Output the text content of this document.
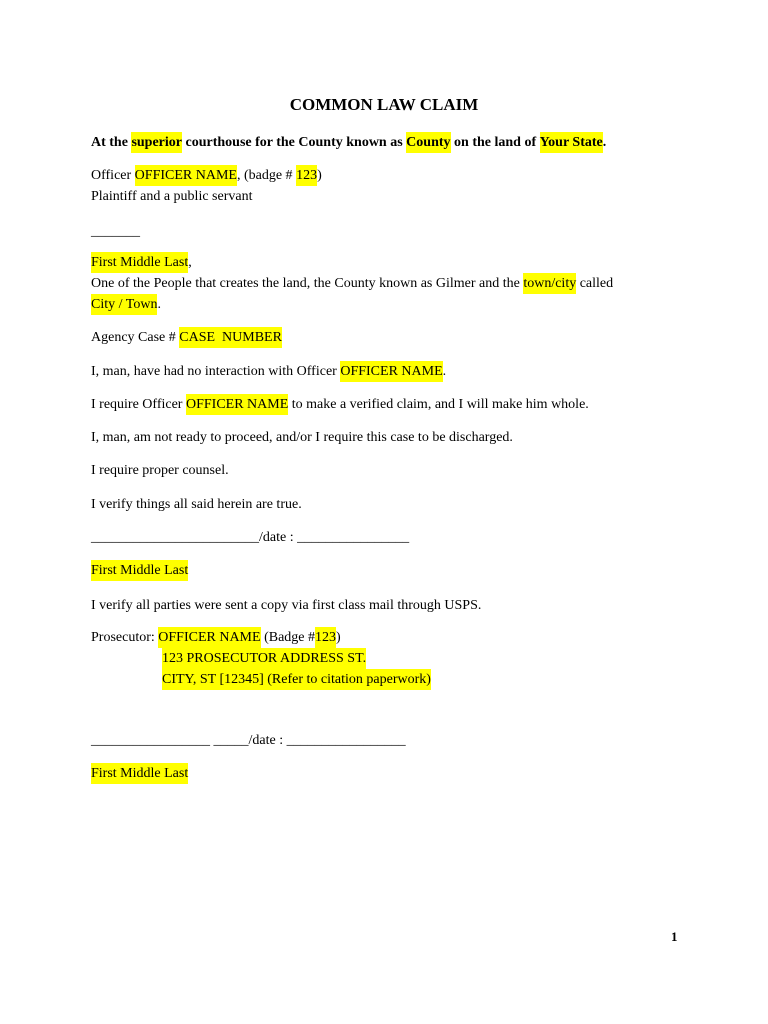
COMMON LAW CLAIM
At the superior courthouse for the County known as County on the land of Your State .
Officer OFFICER NAME , (badge # 123 )
Plaintiff and a public servant
_______
First Middle Last ,
One of the People that creates the land, the County known as Gilmer and the town/city called
City / Town .
Agency Case # CASE  NUMBER
I, man, have had no interaction with Officer OFFICER NAME .
I require Officer OFFICER NAME to make a verified claim, and I will make him whole.
I, man, am not ready to proceed, and/or I require this case to be discharged.
I require proper counsel.
I verify things all said herein are true.
________________________ /date : ________________
First Middle Last
I verify all parties were sent a copy via first class mail through USPS.
Prosecutor: OFFICER NAME (Badge # 123 )
123 PROSECUTOR ADDRESS ST.
CITY, ST [12345] (Refer to citation paperwork)
_________________ _____ /date : _________________
First Middle Last
1
